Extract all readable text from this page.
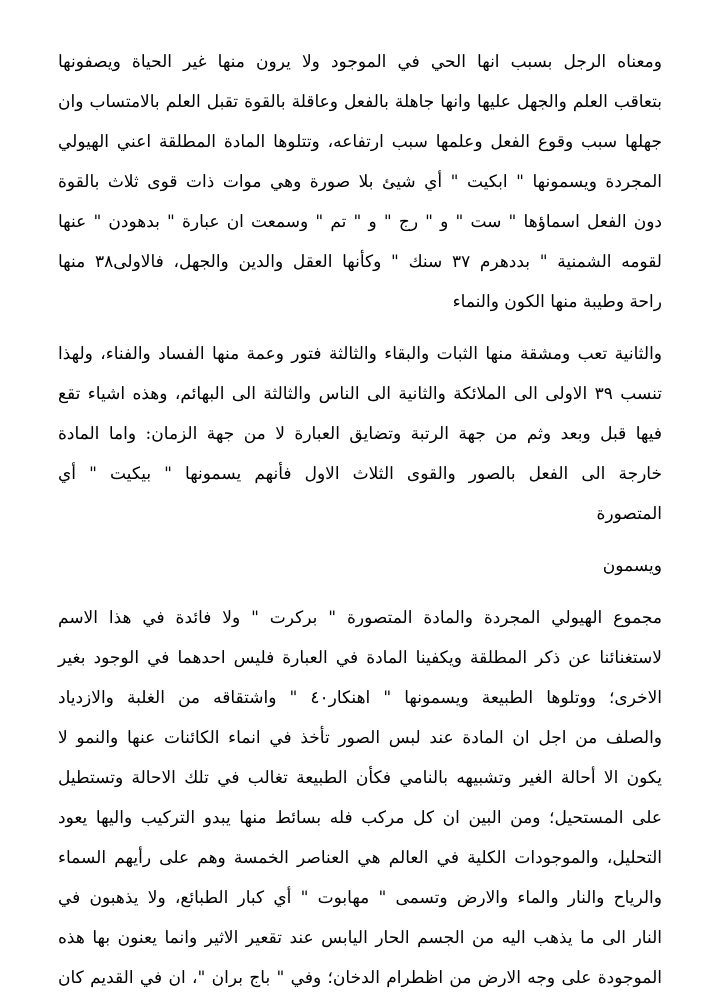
ومعناه الرجل بسبب انها الحي في الموجود ولا يرون منها غير الحياة ويصفونها
بتعاقب العلم والجهل عليها وانها جاهلة بالفعل وعاقلة بالقوة تقبل العلم بالامتساب وان
جهلها سبب وقوع الفعل وعلمها سبب ارتفاعه، وتتلوها المادة المطلقة اعني الهيولي
المجردة ويسمونها " ابكيت " أي شيئ بلا صورة وهي موات ذات قوى ثلاث بالقوة
دون الفعل اسماؤها " ست " و " رج " و " تم " وسمعت ان عبارة " بدهودن " عنها
لقومه الشمنية " بددهرم ٣٧ سنك " وكأنها العقل والدين والجهل، فالاولى٣٨ منها
راحة وطيبة منها الكون والنماء
والثانية تعب ومشقة منها الثبات والبقاء والثالثة فتور وعمة منها الفساد والفناء، ولهذا
تنسب ٣٩ الاولى الى الملائكة والثانية الى الناس والثالثة الى البهائم، وهذه اشياء تقع
فيها قبل وبعد وثم من جهة الرتبة وتضايق العبارة لا من جهة الزمان: واما المادة
خارجة الى الفعل بالصور والقوى الثلاث الاول فأنهم يسمونها " بيكيت " أي
المتصورة
ويسمون
مجموع الهيولي المجردة والمادة المتصورة " بركرت " ولا فائدة في هذا الاسم
لاستغنائنا عن ذكر المطلقة ويكفينا المادة في العبارة فليس احدهما في الوجود بغير
الاخرى؛ ووتلوها الطبيعة ويسمونها " اهنكار٤٠ " واشتقاقه من الغلبة والازدياد
والصلف من اجل ان المادة عند لبس الصور تأخذ في انماء الكائنات عنها والنمو لا
يكون الا أحالة الغير وتشبيهه بالنامي فكأن الطبيعة تغالب في تلك الاحالة وتستطيل
على المستحيل؛ ومن البين ان كل مركب فله بسائط منها يبدو التركيب واليها يعود
التحليل، والموجودات الكلية في العالم هي العناصر الخمسة وهم على رأيهم السماء
والرياح والنار والماء والارض وتسمى " مهابوت " أي كبار الطبائع، ولا يذهبون في
النار الى ما يذهب اليه من الجسم الحار اليابس عند تقعير الاثير وانما يعنون بها هذه
الموجودة على وجه الارض من اظطرام الدخان؛ وفي " باج بران "، ان في القديم كان
